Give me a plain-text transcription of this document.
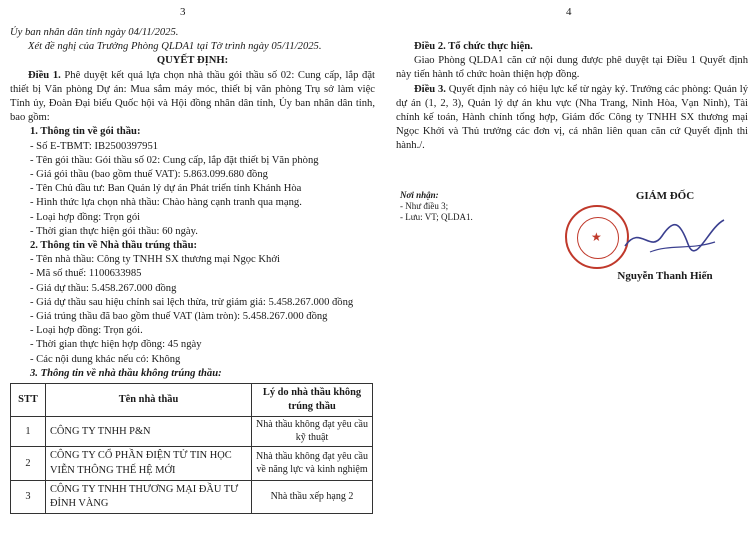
3	4
Ủy ban nhân dân tỉnh ngày 04/11/2025.
Xét đề nghị của Trưởng Phòng QLDA1 tại Tờ trình ngày 05/11/2025.
QUYẾT ĐỊNH:
Điều 1. Phê duyệt kết quả lựa chọn nhà thầu gói thầu số 02: Cung cấp, lắp đặt thiết bị Văn phòng Dự án: Mua sắm máy móc, thiết bị văn phòng Trụ sở làm việc Tỉnh ủy, Đoàn Đại biểu Quốc hội và Hội đồng nhân dân tỉnh, Ủy ban nhân dân tỉnh, bao gồm:
1. Thông tin về gói thầu:
- Số E-TBMT: IB2500397951
- Tên gói thầu: Gói thầu số 02: Cung cấp, lắp đặt thiết bị Văn phòng
- Giá gói thầu (bao gồm thuế VAT): 5.863.099.680 đồng
- Tên Chủ đầu tư: Ban Quản lý dự án Phát triển tỉnh Khánh Hòa
- Hình thức lựa chọn nhà thầu: Chào hàng cạnh tranh qua mạng.
- Loại hợp đồng: Trọn gói
- Thời gian thực hiện gói thầu: 60 ngày.
2. Thông tin về Nhà thầu trúng thầu:
- Tên nhà thầu: Công ty TNHH SX thương mại Ngọc Khởi
- Mã số thuế: 1100633985
- Giá dự thầu: 5.458.267.000 đồng
- Giá dự thầu sau hiệu chỉnh sai lệch thừa, trừ giảm giá: 5.458.267.000 đồng
- Giá trúng thầu đã bao gồm thuế VAT (làm tròn): 5.458.267.000 đồng
- Loại hợp đồng: Trọn gói.
- Thời gian thực hiện hợp đồng: 45 ngày
- Các nội dung khác nếu có: Không
3. Thông tin về nhà thầu không trúng thầu:
STT	Tên nhà thầu	Lý do nhà thầu không trúng thầu
1	CÔNG TY TNHH P&N	Nhà thầu không đạt yêu cầu kỹ thuật
2	CÔNG TY CỔ PHẦN ĐIỆN TỬ TIN HỌC VIỄN THÔNG THẾ HỆ MỚI	Nhà thầu không đạt yêu cầu về năng lực và kinh nghiệm
3	CÔNG TY TNHH THƯƠNG MẠI ĐẦU TƯ ĐỈNH VÀNG	Nhà thầu xếp hạng 2
Điều 2. Tổ chức thực hiện.
Giao Phòng QLDA1 căn cứ nội dung được phê duyệt tại Điều 1 Quyết định này tiến hành tổ chức hoàn thiện hợp đồng.
Điều 3. Quyết định này có hiệu lực kể từ ngày ký. Trưởng các phòng: Quản lý dự án (1, 2, 3), Quản lý dự án khu vực (Nha Trang, Ninh Hòa, Vạn Ninh), Tài chính kế toán, Hành chính tổng hợp, Giám đốc Công ty TNHH SX thương mại Ngọc Khởi và Thủ trưởng các đơn vị, cá nhân liên quan căn cứ Quyết định thi hành./.
Nơi nhận:
- Như điều 3;
- Lưu: VT; QLDA1.
★
GIÁM ĐỐC
Nguyễn Thanh Hiến
